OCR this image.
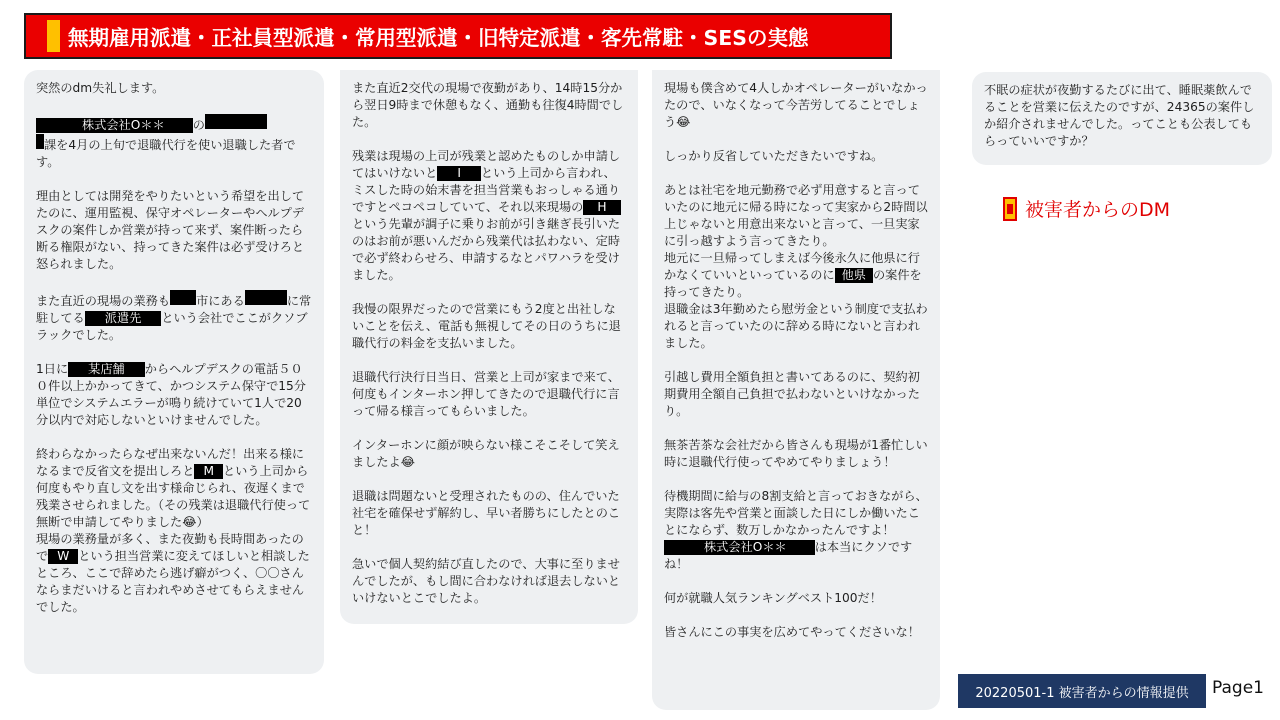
無期雇用派遣・正社員型派遣・常用型派遣・旧特定派遣・客先常駐・SESの実態

突然のdm失礼します。

株式会社O＊＊ の
課を4月の上旬で退職代行を使い退職した者です。

理由としては開発をやりたいという希望を出してたのに、運用監視、保守オペレーターやヘルプデスクの案件しか営業が持って来ず、案件断ったら断る権限がない、持ってきた案件は必ず受けろと怒られました。

また直近の現場の業務も 市にある	に常駐してる 派遣先 という会社でここがクソブラックでした。

1日に 某店舗 からヘルプデスクの電話５００件以上かかってきて、かつシステム保守で15分単位でシステムエラーが鳴り続けていて1人で20分以内で対応しないといけませんでした。

終わらなかったらなぜ出来ないんだ！出来る様になるまで反省文を提出しろと M という上司から何度もやり直し文を出す様命じられ、夜遅くまで残業させられました。（その残業は退職代行使って無断で申請してやりました😂）

現場の業務量が多く、また夜勤も長時間あったので W という担当営業に変えてほしいと相談したところ、ここで辞めたら逃げ癖がつく、〇〇さんならまだいけると言われやめさせてもらえませんでした。

また直近2交代の現場で夜勤があり、14時15分から翌日9時まで休憩もなく、通勤も往復4時間でした。

残業は現場の上司が残業と認めたものしか申請してはいけないと I という上司から言われ、ミスした時の始末書を担当営業もおっしゃる通りですとペコペコしていて、それ以来現場の Hという先輩が調子に乗りお前が引き継ぎ長引いたのはお前が悪いんだから残業代は払わない、定時で必ず終わらせろ、申請するなとパワハラを受けました。

我慢の限界だったので営業にもう2度と出社しないことを伝え、電話も無視してその日のうちに退職代行の料金を支払いました。

退職代行決行日当日、営業と上司が家まで来て、何度もインターホン押してきたので退職代行に言って帰る様言ってもらいました。

インターホンに顔が映らない様こそこそして笑えましたよ😂

退職は問題ないと受理されたものの、住んでいた社宅を確保せず解約し、早い者勝ちにしたとのこと！

急いで個人契約結び直したので、大事に至りませんでしたが、もし間に合わなければ退去しないといけないとこでしたよ。

現場も僕含めて4人しかオペレーターがいなかったので、いなくなって今苦労してることでしょう😂

しっかり反省していただきたいですね。

あとは社宅を地元勤務で必ず用意すると言っていたのに地元に帰る時になって実家から2時間以上じゃないと用意出来ないと言って、一旦実家に引っ越すよう言ってきたり。

地元に一旦帰ってしまえば今後永久に他県に行かなくていいといっているのに 他県 の案件を持ってきたり。

退職金は3年勤めたら慰労金という制度で支払われると言っていたのに辞める時にないと言われました。

引越し費用全額負担と書いてあるのに、契約初期費用全額自己負担で払わないといけなかったり。

無茶苦茶な会社だから皆さんも現場が1番忙しい時に退職代行使ってやめてやりましょう！

待機期間に給与の8割支給と言っておきながら、実際は客先や営業と面談した日にしか働いたことにならず、数万しかなかったんですよ！

株式会社O＊＊ は本当にクソですね！

何が就職人気ランキングベスト100だ！

皆さんにこの事実を広めてやってくださいな！

不眠の症状が夜勤するたびに出て、睡眠薬飲んでることを営業に伝えたのですが、24365の案件しか紹介されませんでした。ってことも公表してもらっていいですか？

被害者からのDM
20220501-1 被害者からの情報提供	Page1
